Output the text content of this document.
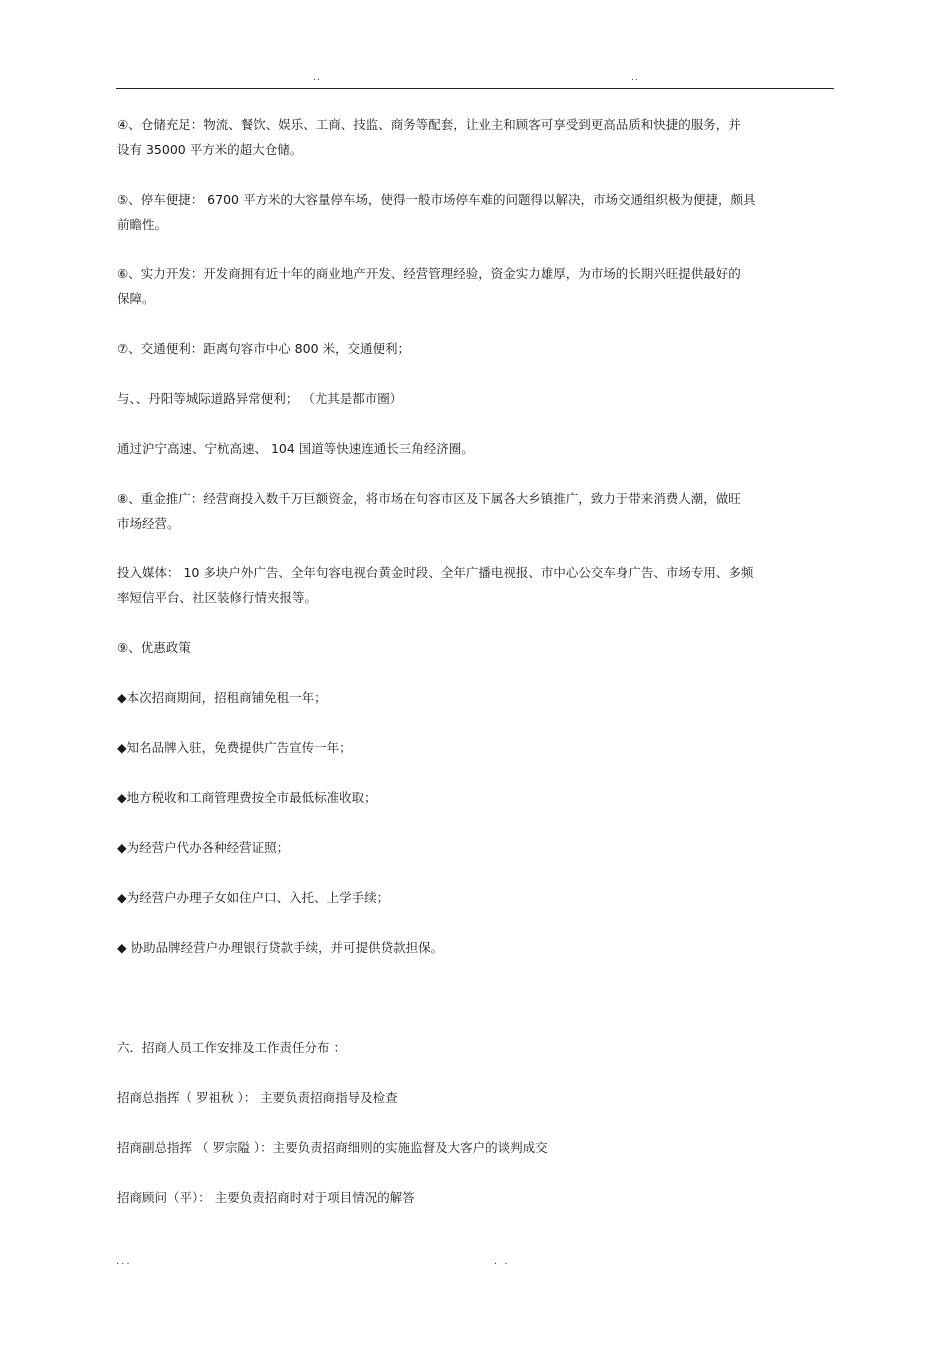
..	..
④、仓储充足：物流、餐饮、娱乐、工商、技监、商务等配套，让业主和顾客可享受到更高品质和快捷的服务，并
设有 35000 平方米的超大仓储。
⑤、停车便捷： 6700 平方米的大容量停车场，使得一般市场停车难的问题得以解决，市场交通组织极为便捷，颇具
前瞻性。
⑥、实力开发：开发商拥有近十年的商业地产开发、经营管理经验，资金实力雄厚，为市场的长期兴旺提供最好的
保障。
⑦、交通便利：距离句容市中心 800 米，交通便利；
与、、丹阳等城际道路异常便利； （尤其是都市圈）
通过沪宁高速、宁杭高速、 104 国道等快速连通长三角经济圈。
⑧、重金推广：经营商投入数千万巨额资金，将市场在句容市区及下属各大乡镇推广，致力于带来消费人潮，做旺
市场经营。
投入媒体： 10 多块户外广告、全年句容电视台黄金时段、全年广播电视报、市中心公交车身广告、市场专用、多频
率短信平台、社区装修行情夹报等。
⑨、优惠政策
◆本次招商期间，招租商铺免租一年；
◆知名品牌入驻，免费提供广告宣传一年；
◆地方税收和工商管理费按全市最低标准收取；
◆为经营户代办各种经营证照；
◆为经营户办理子女如住户口、入托、上学手续；
◆ 协助品牌经营户办理银行贷款手续，并可提供贷款担保。
六．招商人员工作安排及工作责任分布 ：
招商总指挥（ 罗祖秋 ）： 主要负责招商指导及检查
招商副总指挥 （ 罗宗隘 ）：主要负责招商细则的实施监督及大客户的谈判成交
招商顾问（平）： 主要负责招商时对于项目情况的解答
...	. .
